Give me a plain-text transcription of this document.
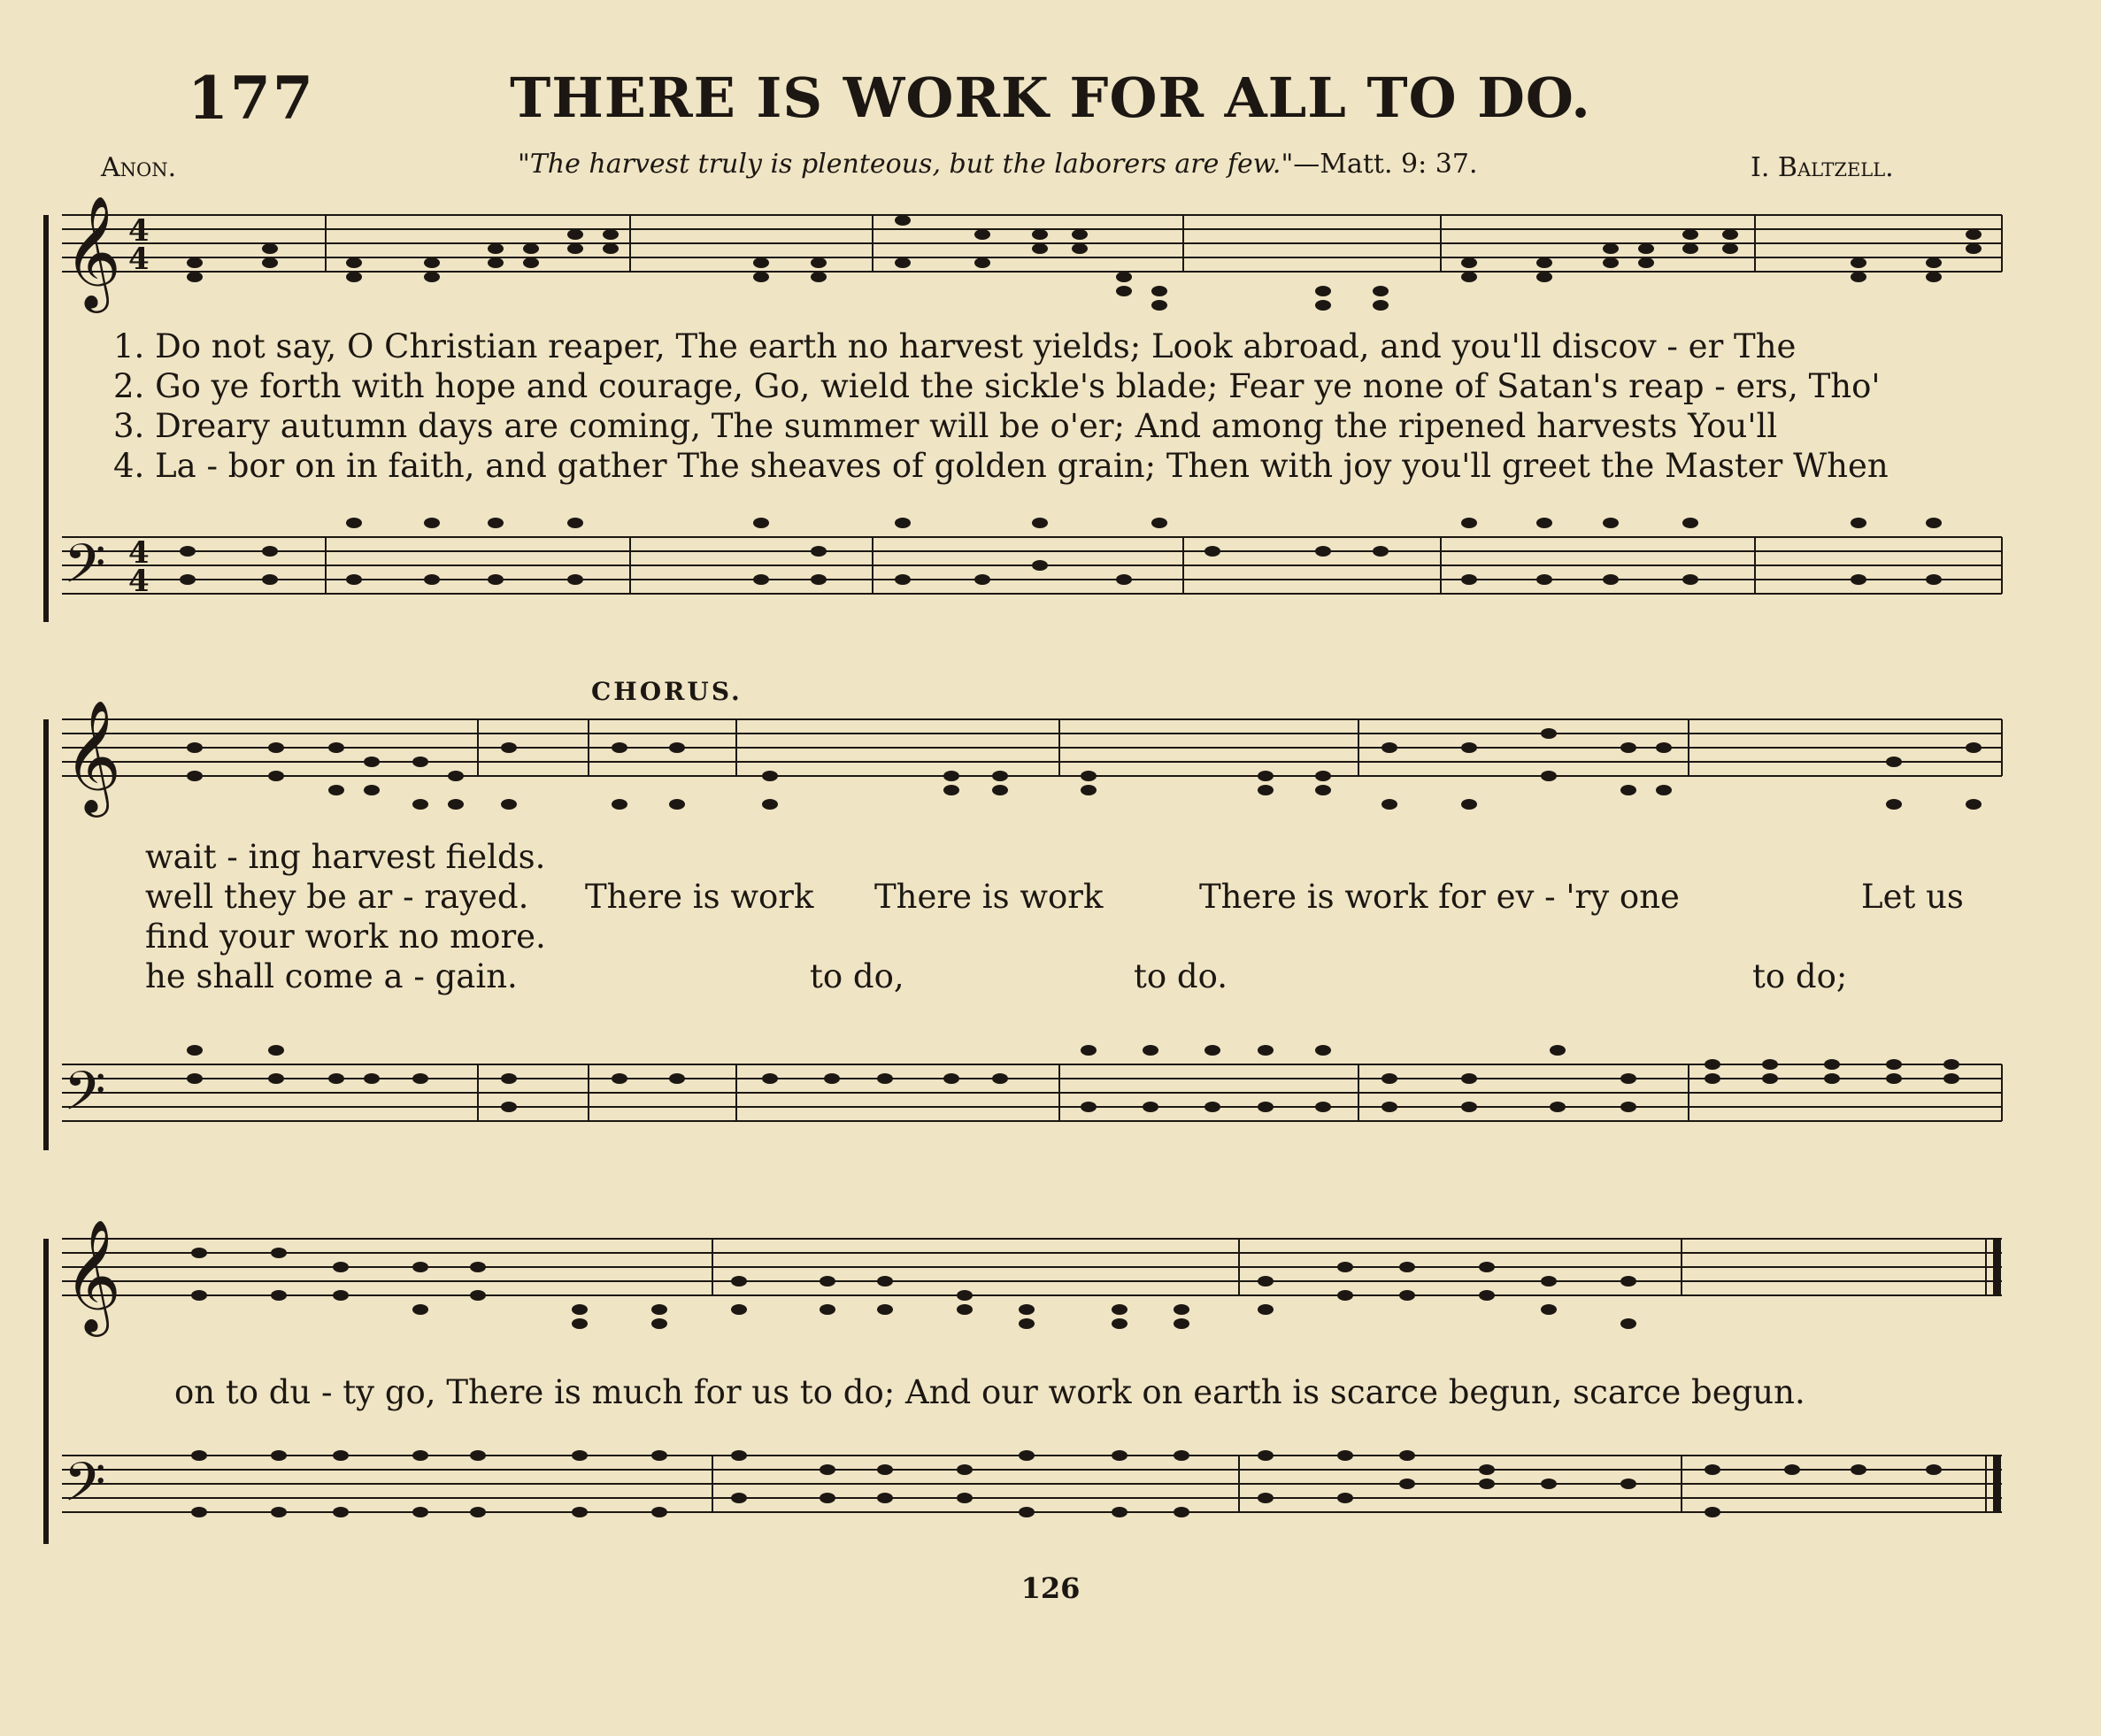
177	THERE IS WORK FOR ALL TO DO.
Anon.	"The harvest truly is plenteous, but the laborers are few."—Matt. 9: 37.	I. Baltzell.
𝄞 4
4
𝄢 4
4
𝄞
𝄢
𝄞
𝄢
CHORUS.
1. Do not say, O Christian reaper, The earth no harvest yields; Look abroad, and you'll discov - er The
2. Go ye forth with hope and courage, Go, wield the sickle's blade; Fear ye none of Satan's reap - ers, Tho'
3. Dreary autumn days are coming, The summer will be o'er; And among the ripened harvests You'll
4. La - bor on in faith, and gather The sheaves of golden grain; Then with joy you'll greet the Master When
wait - ing harvest fields.
well they be ar - rayed.
find your work no more.
he shall come a - gain.
There is work There is work	There is work for ev - 'ry one	Let us
to do,	to do.	to do;
on to du - ty go, There is much for us to do; And our work on earth is scarce begun, scarce begun.
126
